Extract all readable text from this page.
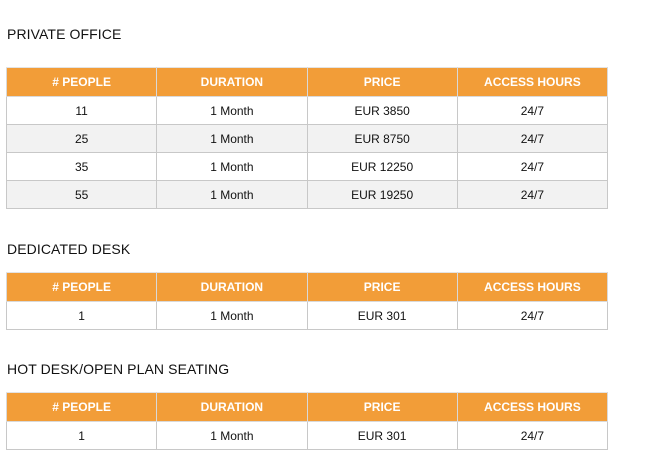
PRIVATE OFFICE
# PEOPLE	DURATION	PRICE	ACCESS HOURS
11	1 Month	EUR 3850	24/7
25	1 Month	EUR 8750	24/7
35	1 Month	EUR 12250	24/7
55	1 Month	EUR 19250	24/7
DEDICATED DESK
# PEOPLE	DURATION	PRICE	ACCESS HOURS
1	1 Month	EUR 301	24/7
HOT DESK/OPEN PLAN SEATING
# PEOPLE	DURATION	PRICE	ACCESS HOURS
1	1 Month	EUR 301	24/7
